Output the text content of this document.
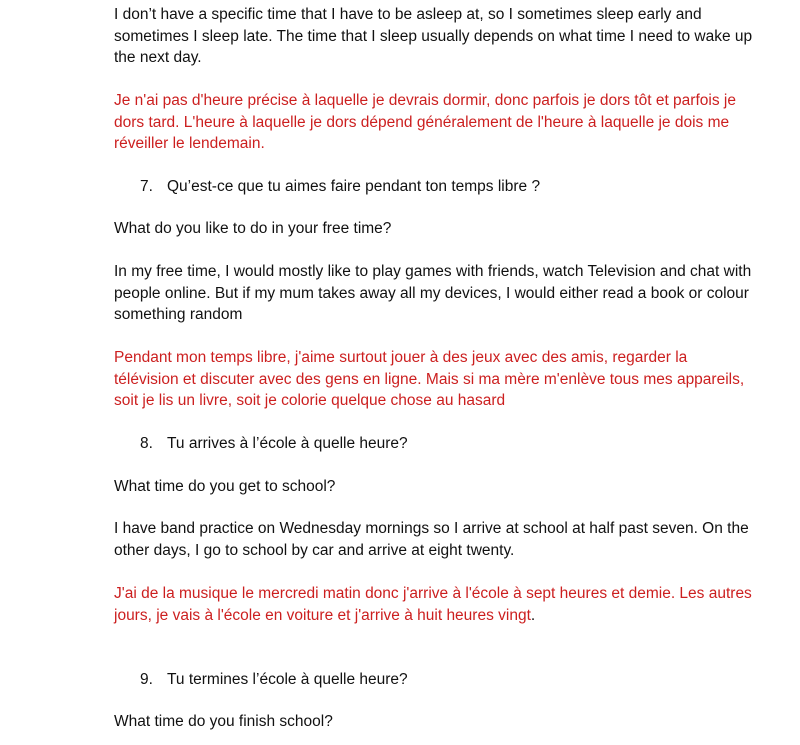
I don’t have a specific time that I have to be asleep at, so I sometimes sleep early and sometimes I sleep late. The time that I sleep usually depends on what time I need to wake up the next day.

Je n'ai pas d'heure précise à laquelle je devrais dormir, donc parfois je dors tôt et parfois je dors tard. L'heure à laquelle je dors dépend généralement de l'heure à laquelle je dois me réveiller le lendemain.

7. Qu’est-ce que tu aimes faire pendant ton temps libre ?

What do you like to do in your free time?

In my free time, I would mostly like to play games with friends, watch Television and chat with people online. But if my mum takes away all my devices, I would either read a book or colour something random

Pendant mon temps libre, j'aime surtout jouer à des jeux avec des amis, regarder la télévision et discuter avec des gens en ligne. Mais si ma mère m'enlève tous mes appareils, soit je lis un livre, soit je colorie quelque chose au hasard

8. Tu arrives à l’école à quelle heure?

What time do you get to school?

I have band practice on Wednesday mornings so I arrive at school at half past seven. On the other days, I go to school by car and arrive at eight twenty.

J'ai de la musique le mercredi matin donc j'arrive à l'école à sept heures et demie. Les autres jours, je vais à l'école en voiture et j'arrive à huit heures vingt.

9. Tu termines l’école à quelle heure?

What time do you finish school?
